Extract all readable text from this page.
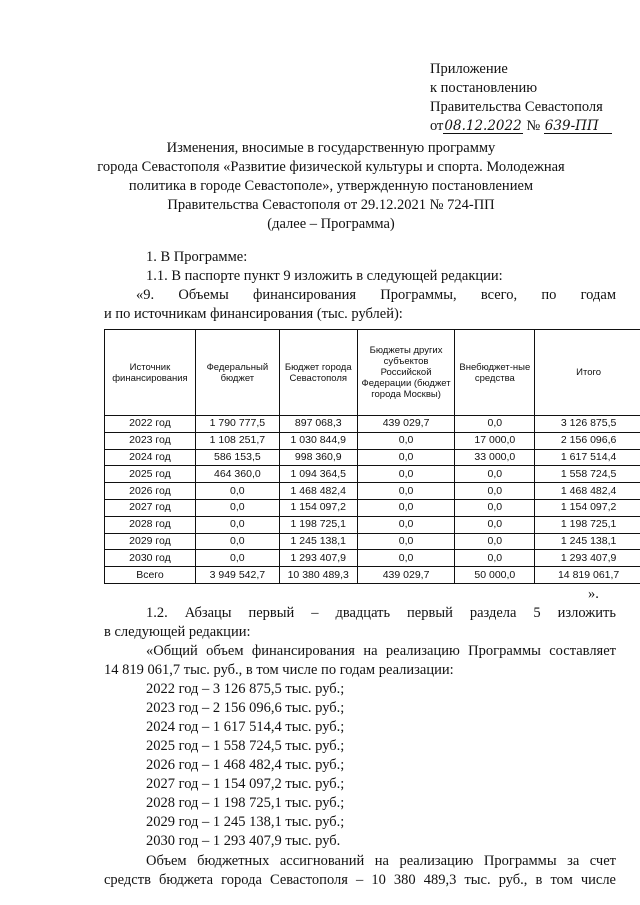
Приложение
к постановлению
Правительства Севастополя
от08.12.2022 № 639-ПП
Изменения, вносимые в государственную программу
города Севастополя «Развитие физической культуры и спорта. Молодежная
политика в городе Севастополе», утвержденную постановлением
Правительства Севастополя от 29.12.2021 № 724-ПП
(далее – Программа)
1. В Программе:
1.1. В паспорте пункт 9 изложить в следующей редакции:
«9. Объемы финансирования Программы, всего, по годам
и по источникам финансирования (тыс. рублей):
Источник финансирования	Федеральный бюджет	Бюджет города Севастополя	Бюджеты других субъектов Российской Федерации (бюджет города Москвы)	Внебюджет-ные средства	Итого
2022 год	1 790 777,5	897 068,3	439 029,7	0,0	3 126 875,5
2023 год	1 108 251,7	1 030 844,9	0,0	17 000,0	2 156 096,6
2024 год	586 153,5	998 360,9	0,0	33 000,0	1 617 514,4
2025 год	464 360,0	1 094 364,5	0,0	0,0	1 558 724,5
2026 год	0,0	1 468 482,4	0,0	0,0	1 468 482,4
2027 год	0,0	1 154 097,2	0,0	0,0	1 154 097,2
2028 год	0,0	1 198 725,1	0,0	0,0	1 198 725,1
2029 год	0,0	1 245 138,1	0,0	0,0	1 245 138,1
2030 год	0,0	1 293 407,9	0,0	0,0	1 293 407,9
Всего	3 949 542,7	10 380 489,3	439 029,7	50 000,0	14 819 061,7
».
1.2. Абзацы первый – двадцать первый раздела 5 изложить
в следующей редакции:
«Общий объем финансирования на реализацию Программы составляет
14 819 061,7 тыс. руб., в том числе по годам реализации:
2022 год – 3 126 875,5 тыс. руб.;
2023 год – 2 156 096,6 тыс. руб.;
2024 год – 1 617 514,4 тыс. руб.;
2025 год – 1 558 724,5 тыс. руб.;
2026 год – 1 468 482,4 тыс. руб.;
2027 год – 1 154 097,2 тыс. руб.;
2028 год – 1 198 725,1 тыс. руб.;
2029 год – 1 245 138,1 тыс. руб.;
2030 год – 1 293 407,9 тыс. руб.
Объем бюджетных ассигнований на реализацию Программы за счет
средств бюджета города Севастополя – 10 380 489,3 тыс. руб., в том числе
